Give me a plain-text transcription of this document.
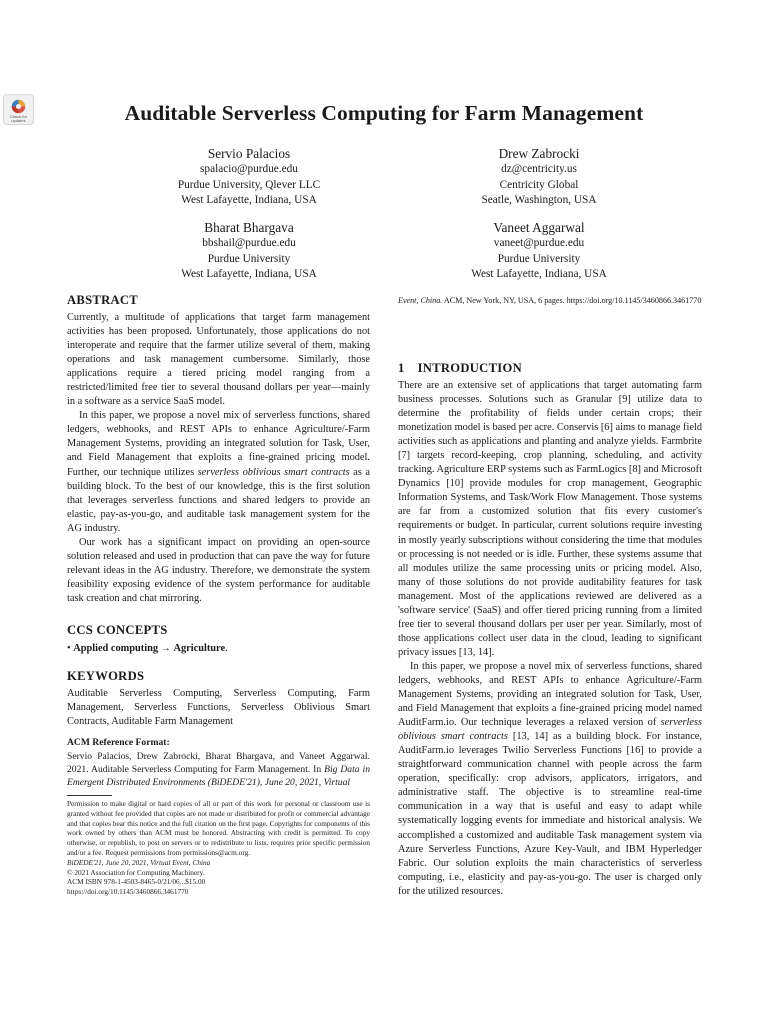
Check for
updates	Auditable Serverless Computing for Farm Management
Servio Palacios
spalacio@purdue.edu
Purdue University, Qlever LLC
West Lafayette, Indiana, USA
Drew Zabrocki
dz@centricity.us
Centricity Global
Seatle, Washington, USA
Bharat Bhargava
bbshail@purdue.edu
Purdue University
West Lafayette, Indiana, USA
Vaneet Aggarwal
vaneet@purdue.edu
Purdue University
West Lafayette, Indiana, USA
ABSTRACT

Currently, a multitude of applications that target farm management activities has been proposed. Unfortunately, those applications do not interoperate and require that the farmer utilize several of them, making operations and task management cumbersome. Similarly, those applications require a tiered pricing model ranging from a restricted/limited free tier to several thousand dollars per year—mainly in a software as a service SaaS model.

In this paper, we propose a novel mix of serverless functions, shared ledgers, webhooks, and REST APIs to enhance Agriculture/-Farm Management Systems, providing an integrated solution for Task, User, and Field Management that exploits a fine-grained pricing model. Further, our technique utilizes serverless oblivious smart contracts as a building block. To the best of our knowledge, this is the first solution that leverages serverless functions and shared ledgers to provide an elastic, pay-as-you-go, and auditable task management system for the AG industry.

Our work has a significant impact on providing an open-source solution released and used in production that can pave the way for future relevant ideas in the AG industry. Therefore, we demonstrate the system feasibility exposing evidence of the system performance for auditable task creation and chat mirroring.

CCS CONCEPTS
• Applied computing → Agriculture.
KEYWORDS
Auditable Serverless Computing, Serverless Computing, Farm Management, Serverless Functions, Serverless Oblivious Smart Contracts, Auditable Farm Management

ACM Reference Format:

Servio Palacios, Drew Zabrocki, Bharat Bhargava, and Vaneet Aggarwal. 2021. Auditable Serverless Computing for Farm Management. In Big Data in Emergent Distributed Environments (BiDEDE'21), June 20, 2021, Virtual

Permission to make digital or hard copies of all or part of this work for personal or classroom use is granted without fee provided that copies are not made or distributed for profit or commercial advantage and that copies bear this notice and the full citation on the first page. Copyrights for components of this work owned by others than ACM must be honored. Abstracting with credit is permitted. To copy otherwise, or republish, to post on servers or to redistribute to lists, requires prior specific permission and/or a fee. Request permissions from permissions@acm.org.
BiDEDE'21, June 20, 2021, Virtual Event, China
© 2021 Association for Computing Machinery.
ACM ISBN 978-1-4503-8465-0/21/06...$15.00
https://doi.org/10.1145/3460866.3461770
Event, China. ACM, New York, NY, USA, 6 pages. https://doi.org/10.1145/3460866.3461770
1 INTRODUCTION

There are an extensive set of applications that target automating farm business processes. Solutions such as Granular [9] utilize data to determine the profitability of fields under certain crops; their monetization model is based per acre. Conservis [6] aims to manage field activities such as applications and planting and analyze yields. Farmbrite [7] targets record-keeping, crop planning, scheduling, and activity tracking. Agriculture ERP systems such as FarmLogics [8] and Microsoft Dynamics [10] provide modules for crop management, Geographic Information Systems, and Task/Work Flow Management. Those systems are far from a customized solution that fits every customer's requirements or budget. In particular, current solutions require investing in mostly yearly subscriptions without considering the time that modules or processing is not needed or is idle. Further, these systems assume that all modules utilize the same processing units or pricing model. Also, many of those solutions do not provide auditability features for task management. Most of the applications reviewed are delivered as a 'software service' (SaaS) and offer tiered pricing running from a limited free tier to several thousand dollars per user per year. Similarly, most of those applications collect user data in the cloud, leading to significant privacy issues [13, 14].

In this paper, we propose a novel mix of serverless functions, shared ledgers, webhooks, and REST APIs to enhance Agriculture/-Farm Management Systems, providing an integrated solution for Task, User, and Field Management that exploits a fine-grained pricing model named AuditFarm.io. Our technique leverages a relaxed version of serverless oblivious smart contracts [13, 14] as a building block. For instance, AuditFarm.io leverages Twilio Serverless Functions [16] to provide a straightforward communication channel with people across the farm operation, specifically: crop advisors, applicators, irrigators, and administrative staff. The objective is to streamline real-time communication in a way that is useful and easy to adapt while systematically logging events for immediate and historical analysis. We accomplished a customized and auditable Task management system via Azure Serverless Functions, Azure Key-Vault, and IBM Hyperledger Fabric. Our solution exploits the main characteristics of serverless computing, i.e., elasticity and pay-as-you-go. The user is charged only for the utilized resources.
